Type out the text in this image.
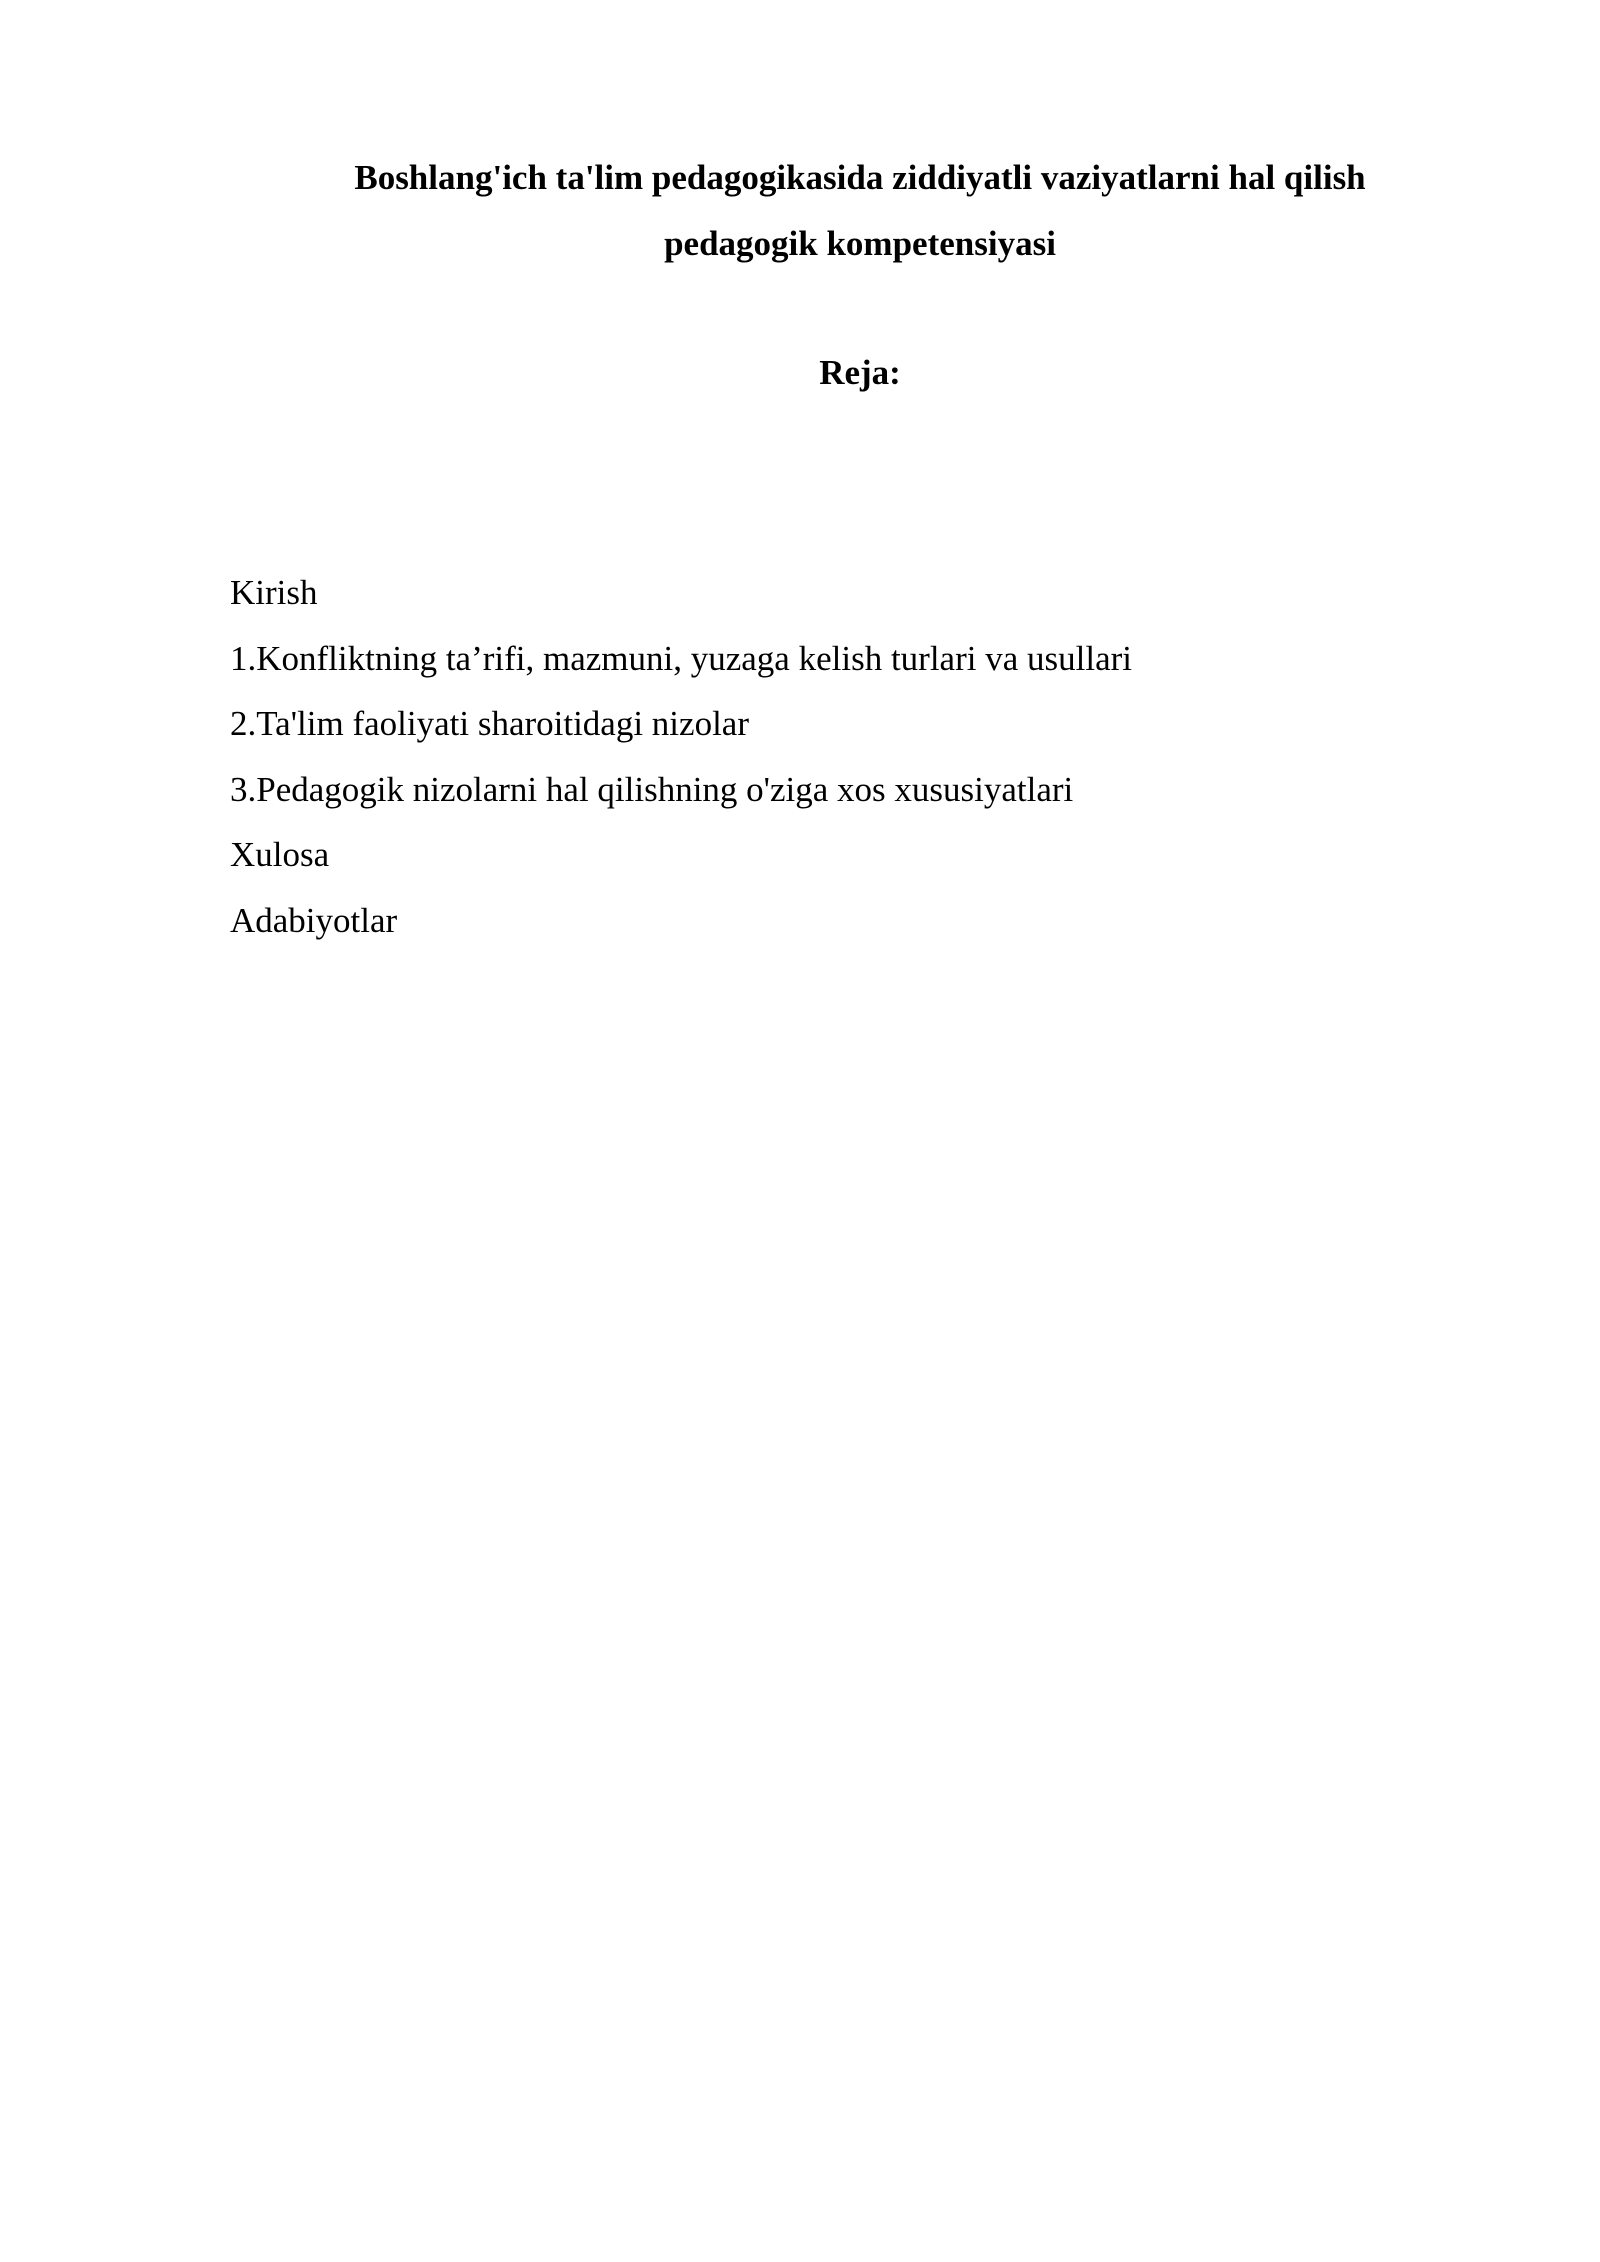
Boshlang'ich ta'lim pedagogikasida ziddiyatli vaziyatlarni hal qilish
pedagogik kompetensiyasi
Reja:
Kirish
1.Konfliktning ta’rifi, mazmuni, yuzaga kelish turlari va usullari
2.Ta'lim faoliyati sharoitidagi nizolar
3.Pedagogik nizolarni hal qilishning o'ziga xos xususiyatlari
Xulosa
Adabiyotlar
